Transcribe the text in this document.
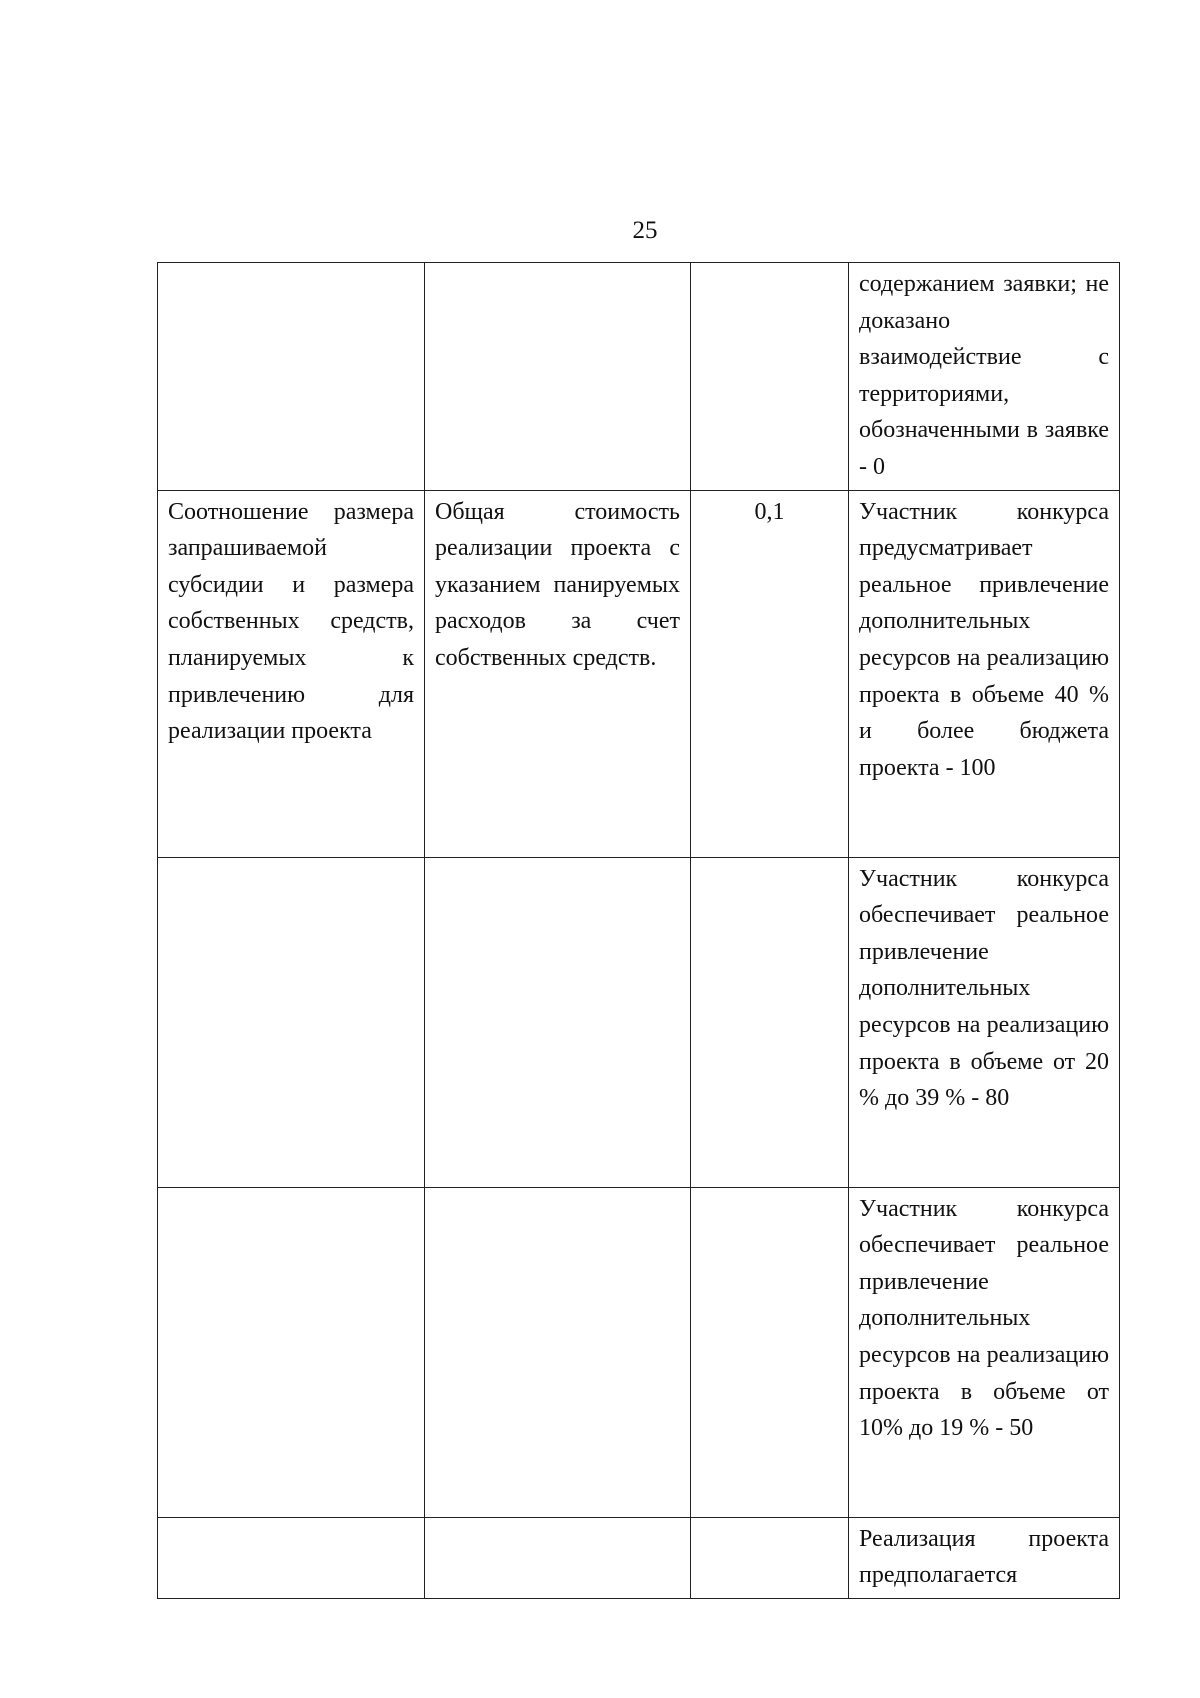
25
			содержанием заявки; не доказано взаимодействие с территориями, обозначенными в заявке - 0
Соотношение размера запрашиваемой субсидии и размера собственных средств, планируемых к привлечению для реализации проекта	Общая стоимость реализации проекта с указанием панируемых расходов за счет собственных средств.	0,1	Участник конкурса предусматривает реальное привлечение дополнительных ресурсов на реализацию проекта в объеме 40 % и более бюджета проекта - 100
			Участник конкурса обеспечивает реальное привлечение дополнительных ресурсов на реализацию проекта в объеме от 20 % до 39 % - 80
			Участник конкурса обеспечивает реальное привлечение дополнительных ресурсов на реализацию проекта в объеме от 10% до 19 % - 50
			Реализация проекта предполагается
